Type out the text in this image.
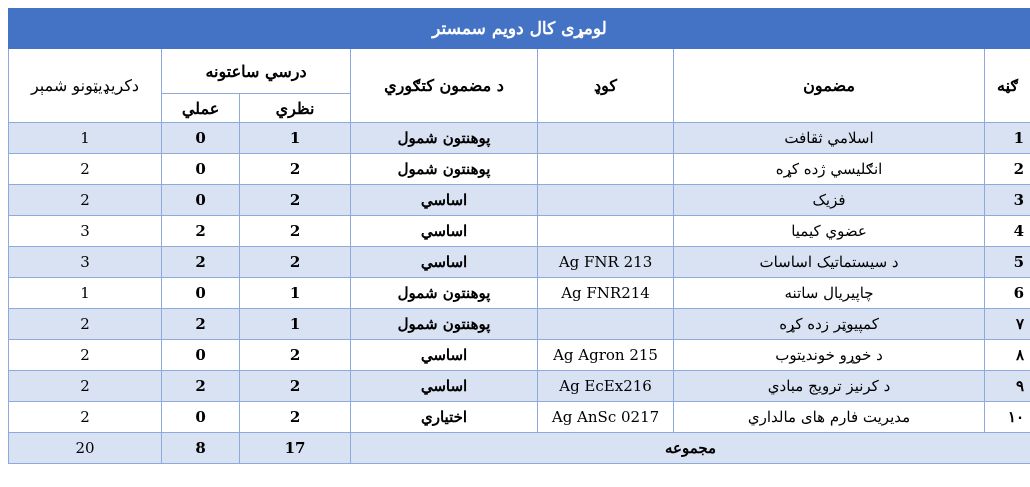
لومړی کال دویم سمستر						
ګڼه	مضمون	کوډ	د مضمون کتګوري	درسي ساعتونه		دکریډیټونو شمېر
				نظري	عملي	
1	اسلامي ثقافت		پوهنتون شمول	1	0	1
2	انګلیسي ژده کړه		پوهنتون شمول	2	0	2
3	فزیک		اساسي	2	0	2
4	عضوي کیمیا		اساسي	2	2	3
5	د سیستماتیک اساسات	Ag FNR 213	اساسي	2	2	3
6	چاپیریال ساتنه	Ag FNR214	پوهنتون شمول	1	0	1
۷	کمپیوټر زده کړه		پوهنتون شمول	1	2	2
۸	د خوړو خوندیتوب	Ag Agron 215	اساسي	2	0	2
۹	د کرنیز ترویج مبادي	Ag EcEx216	اساسي	2	2	2
۱۰	مدیریت فارم های مالداري	Ag AnSc 0217	اختیاري	2	0	2
مجموعه				17	8	20
